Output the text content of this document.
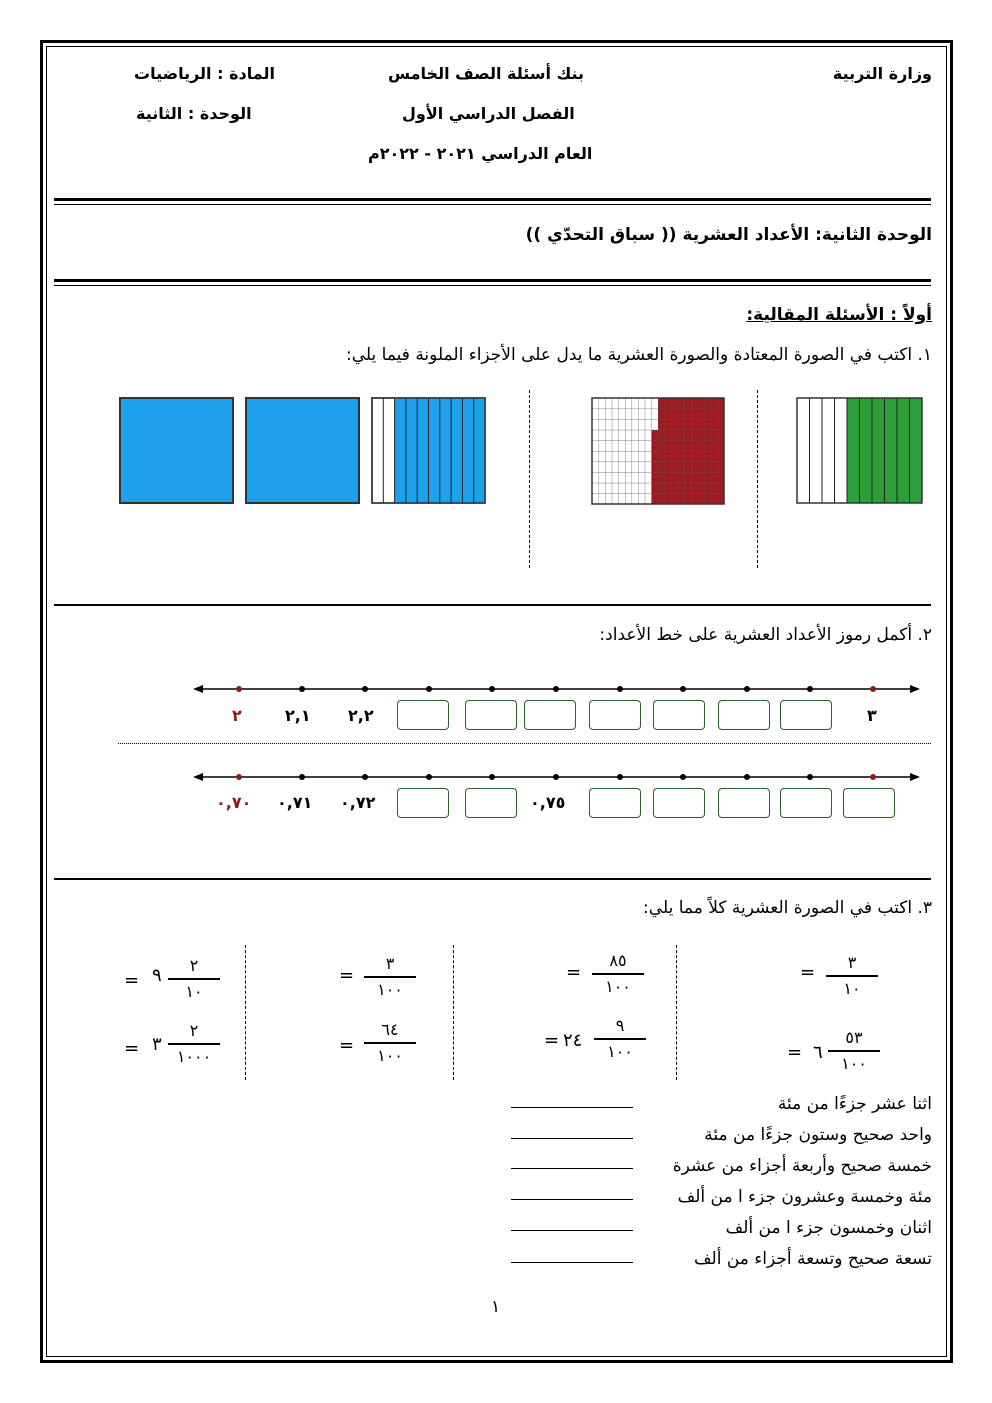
وزارة التربية
بنك أسئلة الصف الخامس
المادة : الرياضيات
الفصل الدراسي الأول
الوحدة : الثانية
العام الدراسي ٢٠٢١ - ٢٠٢٢م
الوحدة الثانية: الأعداد العشرية (( سباق التحدّي ))
أولاً : الأسئلة المقالية:
١. اكتب في الصورة المعتادة والصورة العشرية ما يدل على الأجزاء الملونة فيما يلي:
٢. أكمل رموز الأعداد العشرية على خط الأعداد:
٢	٢,١ ٢,٢	٣
٠,٧٠ ٠,٧١ ٠,٧٢	٠,٧٥
٣. اكتب في الصورة العشرية كلاً مما يلي:
٣
١٠
=
٥٣
١٠٠
٦
=
٨٥
١٠٠
=
٩
١٠٠
٢٤
=
٣
١٠٠
=
٦٤
١٠٠
=
٢
١٠
٩
=
٢
١٠٠٠
٣
=
اثنا عشر جزءًا من مئة
واحد صحيح وستون جزءًا من مئة
خمسة صحيح وأربعة أجزاء من عشرة
مئة وخمسة وعشرون جزء ا من ألف
اثنان وخمسون جزء ا من ألف
تسعة صحيح وتسعة أجزاء من ألف
١
